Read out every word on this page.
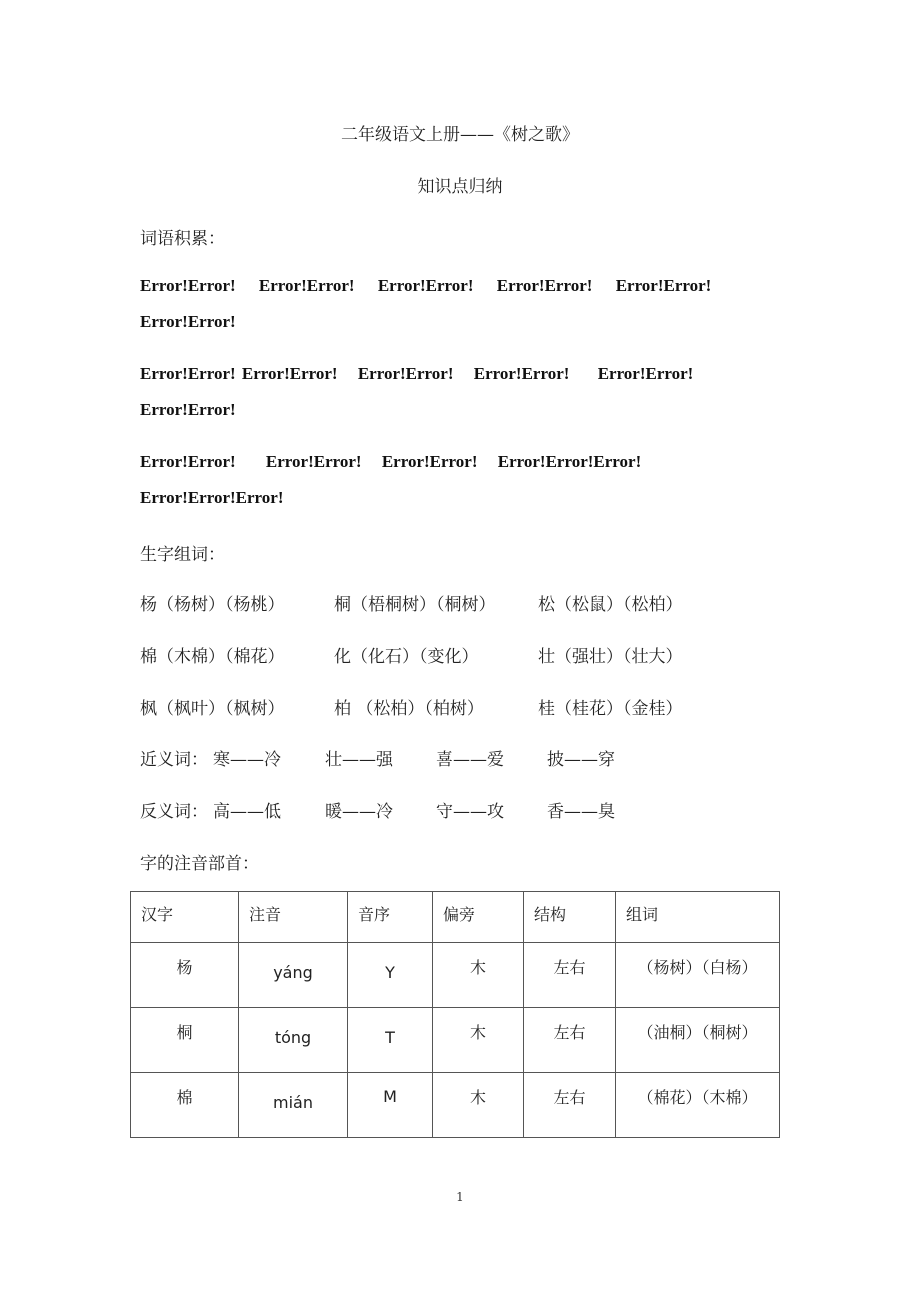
二年级语文上册——《树之歌》
知识点归纳
词语积累：
Error!Error! Error!Error! Error!Error! Error!Error! Error!Error!
Error!Error!
Error!Error! Error!Error! Error!Error! Error!Error! Error!Error!
Error!Error!
Error!Error! Error!Error! Error!Error! Error!Error!Error!
Error!Error!Error!
生字组词：
杨（杨树）（杨桃）	桐（梧桐树）（桐树）	松（松鼠）（松柏）
棉（木棉）（棉花）	化（化石）（变化）	壮（强壮）（壮大）
枫（枫叶）（枫树）	柏 （松柏）（柏树）	桂（桂花）（金桂）
近义词： 寒——冷	壮——强	喜——爱	披——穿
反义词： 高——低	暖——冷	守——攻	香——臭
字的注音部首：
汉字	注音	音序	偏旁	结构	组词
杨	yáng	Y	木	左右	（杨树）（白杨）
桐	tóng	T	木	左右	（油桐）（桐树）
棉	mián	M	木	左右	（棉花）（木棉）
1
